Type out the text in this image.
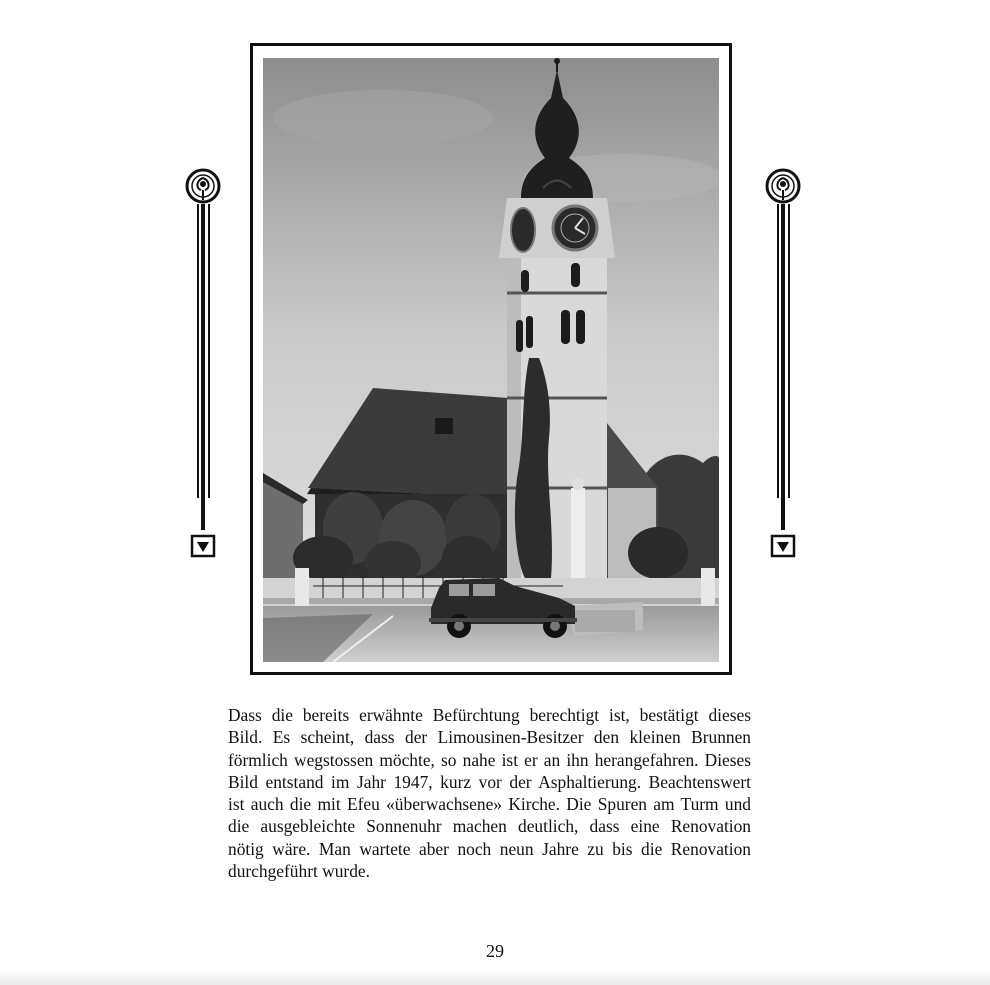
Dass die bereits erwähnte Befürchtung berechtigt ist, bestätigt dieses
Bild. Es scheint, dass der Limousinen-Besitzer den kleinen Brunnen
förmlich wegstossen möchte, so nahe ist er an ihn herangefahren. Dieses
Bild entstand im Jahr 1947, kurz vor der Asphaltierung. Beachtenswert
ist auch die mit Efeu «überwachsene» Kirche. Die Spuren am Turm und
die ausgebleichte Sonnenuhr machen deutlich, dass eine Renovation
nötig wäre. Man wartete aber noch neun Jahre zu bis die Renovation
durchgeführt wurde.
29
